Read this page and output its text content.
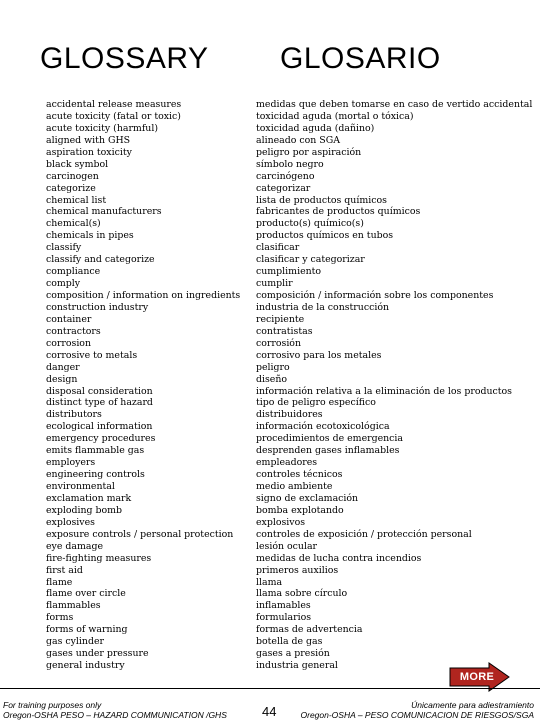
GLOSSARY GLOSARIO
accidental release measures
acute toxicity (fatal or toxic)
acute toxicity (harmful)
aligned with GHS
aspiration toxicity
black symbol
carcinogen
categorize
chemical list
chemical manufacturers
chemical(s)
chemicals in pipes
classify
classify and categorize
compliance
comply
composition / information on ingredients
construction industry
container
contractors
corrosion
corrosive to metals
danger
design
disposal consideration
distinct type of hazard
distributors
ecological information
emergency procedures
emits flammable gas
employers
engineering controls
environmental
exclamation mark
exploding bomb
explosives
exposure controls / personal protection
eye damage
fire-fighting measures
first aid
flame
flame over circle
flammables
forms
forms of warning
gas cylinder
gases under pressure
general industry
medidas que deben tomarse en caso de vertido accidental
toxicidad aguda (mortal o tóxica)
toxicidad aguda (dañino)
alineado con SGA
peligro por aspiración
símbolo negro
carcinógeno
categorizar
lista de productos químicos
fabricantes de productos químicos
producto(s) químico(s)
productos químicos en tubos
clasificar
clasificar y categorizar
cumplimiento
cumplir
composición / información sobre los componentes
industria de la construcción
recipiente
contratistas
corrosión
corrosivo para los metales
peligro
diseño
información relativa a la eliminación de los productos
tipo de peligro específico
distribuidores
información ecotoxicológica
procedimientos de emergencia
desprenden gases inflamables
empleadores
controles técnicos
medio ambiente
signo de exclamación
bomba explotando
explosivos
controles de exposición / protección personal
lesión ocular
medidas de lucha contra incendios
primeros auxilios
llama
llama sobre círculo
inflamables
formularios
formas de advertencia
botella de gas
gases a presión
industria general
MORE
For training purposes only
Oregon-OSHA PESO – HAZARD COMMUNICATION /GHS	44	Únicamente para adiestramiento
Oregon-OSHA – PESO COMUNICACION DE RIESGOS/SGA
